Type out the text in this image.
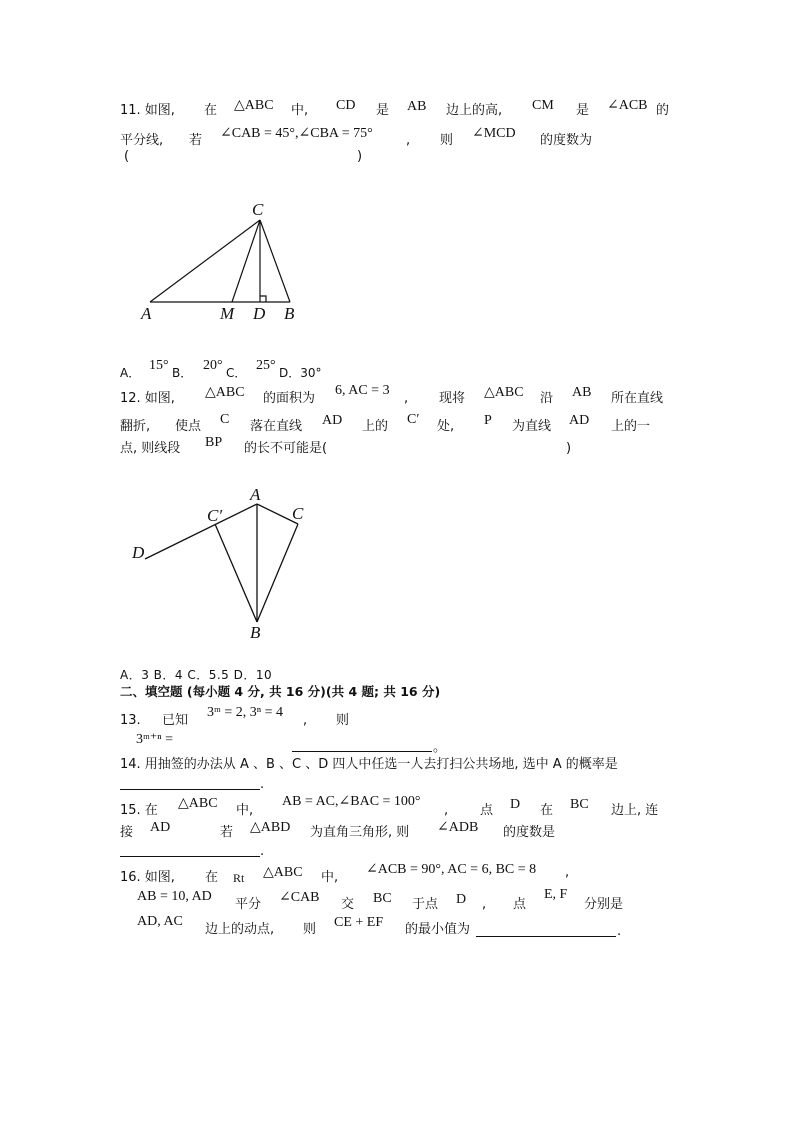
11. 如图, 在 △ABC 中, CD 是 AB 边上的高, CM 是 ∠ACB 的
平分线, 若 ∠CAB = 45°,∠CBA = 75°	, 则 ∠MCD 的度数为
(	)
C
A	M D B
A． 15° B． 20° C． 25° D．30°
12. 如图, △ABC 的面积为
6, AC = 3
, 现将 △ABC 沿 AB 所在直线
翻折, 使点 C 落在直线 AD 上的 C′ 处, P 为直线 AD 上的一
点, 则线段 BP 的长不可能是(	)
D
C′
A
C
B
A．3 B．4 C．5.5 D．10
二、填空题 (每小题 4 分, 共 16 分)(共 4 题; 共 16 分)
13. 已知
3ᵐ = 2, 3ⁿ = 4
, 则
3ᵐ⁺ⁿ =
。
14. 用抽签的办法从 A 、B 、C 、D 四人中任选一人去打扫公共场地, 选中 A 的概率是
.
15. 在 △ABC 中,
AB = AC,∠BAC = 100°
, 点 D 在 BC 边上, 连
接 AD	若 △ABD 为直角三角形, 则 ∠ADB 的度数是
.
16. 如图, 在 Rt △ABC 中,
∠ACB = 90°, AC = 6, BC = 8 ,
AB = 10, AD
平分 ∠CAB 交 BC 于点 D , 点
E, F
分别是
AD, AC
边上的动点, 则 CE + EF 的最小值为	.
